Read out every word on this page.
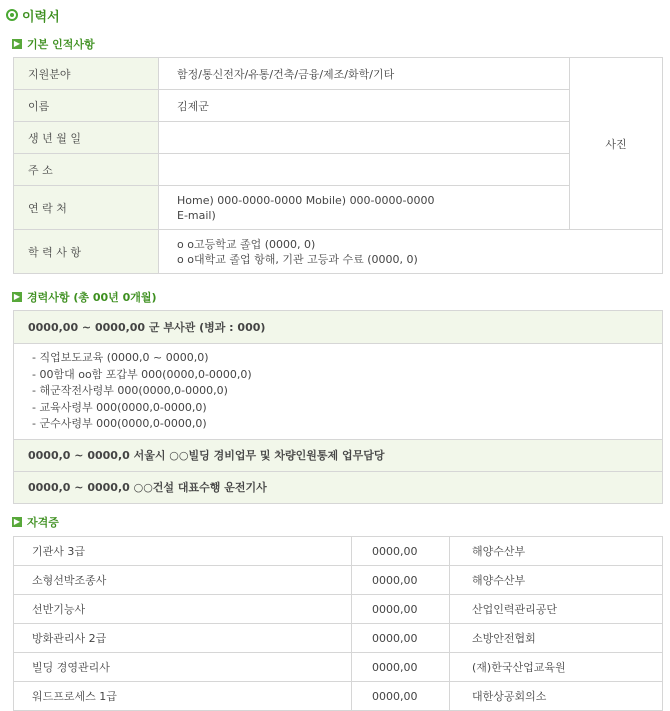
이력서
▶ 기본 인적사항
지원분야	함정/통신전자/유통/건축/금융/제조/화학/기타	사진
이름	김제군	
생 년 월 일		
주 소		
연 락 처	Home) 000-0000-0000 Mobile) 000-0000-0000
E-mail)	

학 력 사 항	o o고등학교 졸업 (0000, 0)
o o대학교 졸업 항해, 기관 고등과 수료 (0000, 0)	
▶ 경력사항 (총 00년 0개월)
0000,00 ~ 0000,00 군 부사관 (병과 : 000)
- 직업보도교육 (0000,0 ~ 0000,0)
- 00함대 oo함 포갑부 000(0000,0-0000,0)
- 해군작전사령부 000(0000,0-0000,0)
- 교육사령부 000(0000,0-0000,0)
- 군수사령부 000(0000,0-0000,0)
0000,0 ~ 0000,0 서울시 ○○빌딩 경비업무 및 차량인원통제 업무담당
0000,0 ~ 0000,0 ○○건설 대표수행 운전기사
▶ 자격증
기관사 3급	0000,00	해양수산부
소형선박조종사	0000,00	해양수산부
선반기능사	0000,00	산업인력관리공단
방화관리사 2급	0000,00	소방안전협회
빌딩 경영관리사	0000,00	(재)한국산업교육원
워드프로세스 1급	0000,00	대한상공회의소
